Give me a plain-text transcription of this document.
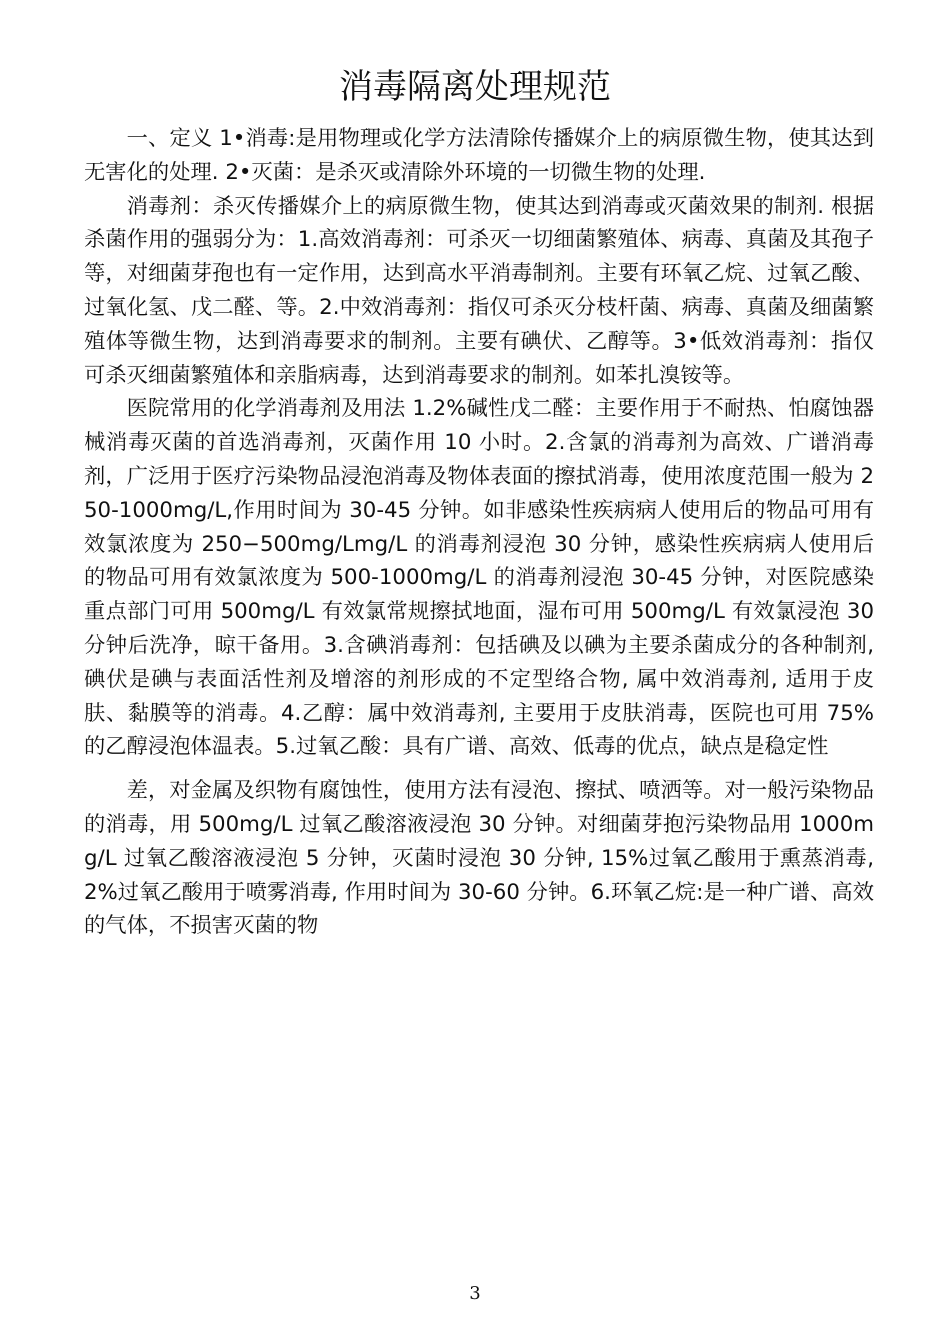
消毒隔离处理规范

一、定义 1•消毒:是用物理或化学方法清除传播媒介上的病原微生物，使其达到无害化的处理. 2•灭菌：是杀灭或清除外环境的一切微生物的处理.

消毒剂：杀灭传播媒介上的病原微生物，使其达到消毒或灭菌效果的制剂. 根据杀菌作用的强弱分为：1.高效消毒剂：可杀灭一切细菌繁殖体、病毒、真菌及其孢子等，对细菌芽孢也有一定作用，达到高水平消毒制剂。主要有环氧乙烷、过氧乙酸、过氧化氢、戊二醛、等。2.中效消毒剂：指仅可杀灭分枝杆菌、病毒、真菌及细菌繁殖体等微生物，达到消毒要求的制剂。主要有碘伏、乙醇等。3•低效消毒剂：指仅可杀灭细菌繁殖体和亲脂病毒，达到消毒要求的制剂。如苯扎溴铵等。

医院常用的化学消毒剂及用法 1.2%碱性戊二醛：主要作用于不耐热、怕腐蚀器械消毒灭菌的首选消毒剂，灭菌作用 10 小时。2.含氯的消毒剂为高效、广谱消毒剂，广泛用于医疗污染物品浸泡消毒及物体表面的擦拭消毒，使用浓度范围一般为 250-1000mg/L,作用时间为 30-45 分钟。如非感染性疾病病人使用后的物品可用有效氯浓度为 250−500mg/Lmg/L 的消毒剂浸泡 30 分钟，感染性疾病病人使用后的物品可用有效氯浓度为 500-1000mg/L 的消毒剂浸泡 30-45 分钟，对医院感染重点部门可用 500mg/L 有效氯常规擦拭地面，湿布可用 500mg/L 有效氯浸泡 30 分钟后洗净，晾干备用。3.含碘消毒剂：包括碘及以碘为主要杀菌成分的各种制剂, 碘伏是碘与表面活性剂及增溶的剂形成的不定型络合物, 属中效消毒剂, 适用于皮肤、黏膜等的消毒。4.乙醇：属中效消毒剂, 主要用于皮肤消毒，医院也可用 75%的乙醇浸泡体温表。5.过氧乙酸：具有广谱、高效、低毒的优点，缺点是稳定性

差，对金属及织物有腐蚀性，使用方法有浸泡、擦拭、喷洒等。对一般污染物品的消毒，用 500mg/L 过氧乙酸溶液浸泡 30 分钟。对细菌芽抱污染物品用 1000mg/L 过氧乙酸溶液浸泡 5 分钟，灭菌时浸泡 30 分钟, 15%过氧乙酸用于熏蒸消毒, 2%过氧乙酸用于喷雾消毒, 作用时间为 30-60 分钟。6.环氧乙烷:是一种广谱、高效的气体，不损害灭菌的物

3
